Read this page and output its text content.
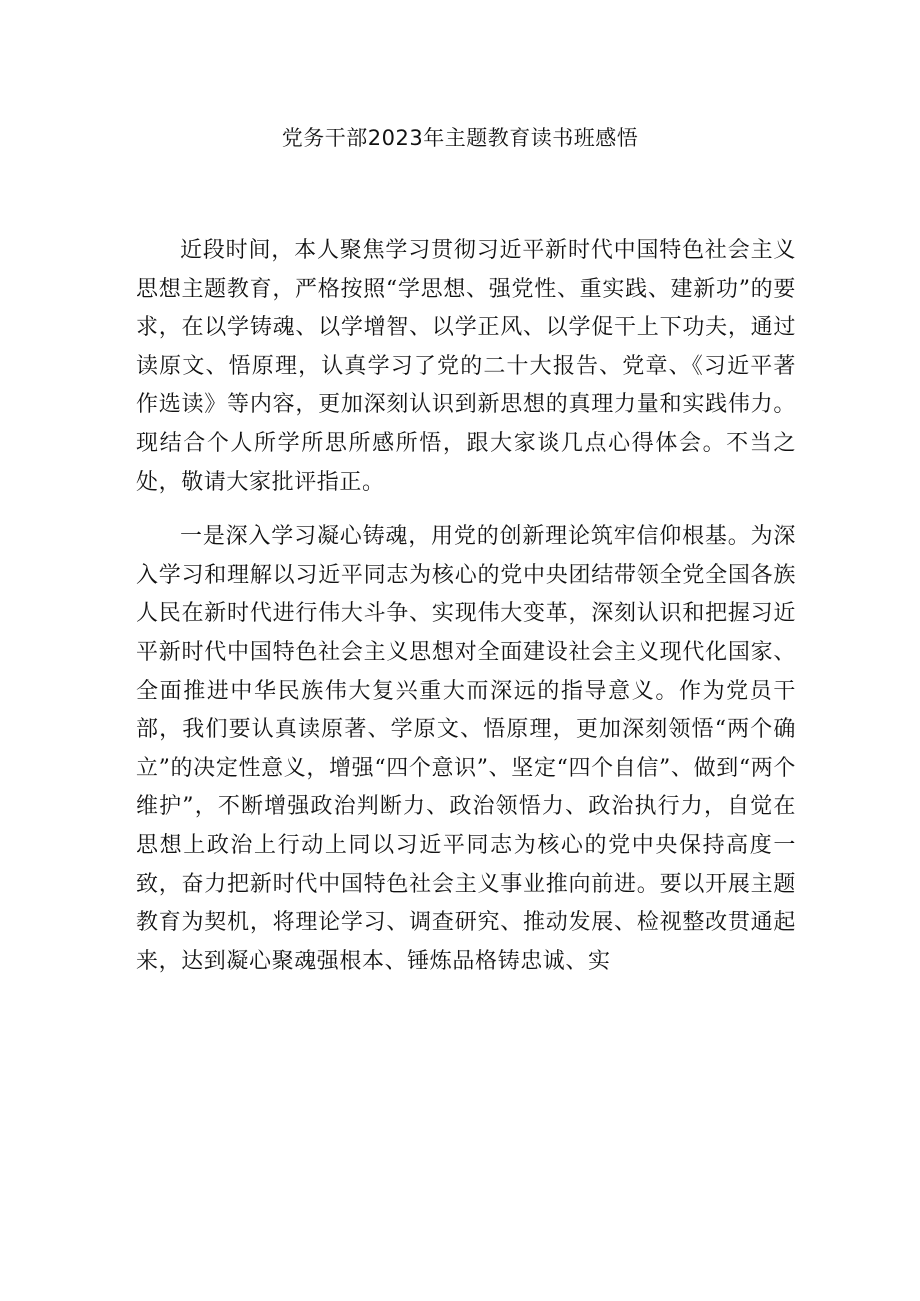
党务干部2023年主题教育读书班感悟

近段时间，本人聚焦学习贯彻习近平新时代中国特色社会主义思想主题教育，严格按照“学思想、强党性、重实践、建新功”的要求，在以学铸魂、以学增智、以学正风、以学促干上下功夫，通过读原文、悟原理，认真学习了党的二十大报告、党章、《习近平著作选读》等内容，更加深刻认识到新思想的真理力量和实践伟力。现结合个人所学所思所感所悟，跟大家谈几点心得体会。不当之处，敬请大家批评指正。

一是深入学习凝心铸魂，用党的创新理论筑牢信仰根基。为深入学习和理解以习近平同志为核心的党中央团结带领全党全国各族人民在新时代进行伟大斗争、实现伟大变革，深刻认识和把握习近平新时代中国特色社会主义思想对全面建设社会主义现代化国家、全面推进中华民族伟大复兴重大而深远的指导意义。作为党员干部，我们要认真读原著、学原文、悟原理，更加深刻领悟“两个确立”的决定性意义，增强“四个意识”、坚定“四个自信”、做到“两个维护”，不断增强政治判断力、政治领悟力、政治执行力，自觉在思想上政治上行动上同以习近平同志为核心的党中央保持高度一致，奋力把新时代中国特色社会主义事业推向前进。要以开展主题教育为契机，将理论学习、调查研究、推动发展、检视整改贯通起来，达到凝心聚魂强根本、锤炼品格铸忠诚、实
